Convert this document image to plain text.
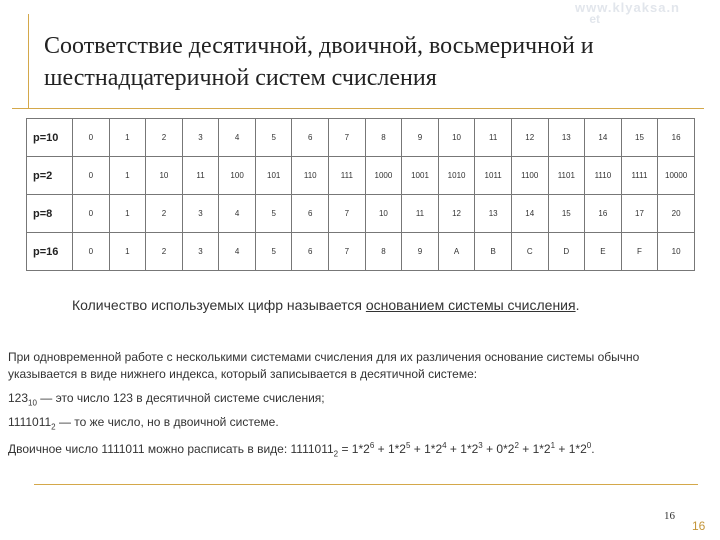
www.klyaksa.n
et
Соответствие десятичной, двоичной, восьмеричной и
шестнадцатеричной систем счисления
p=10	0	1	2	3	4	5	6	7	8	9	10	11	12	13	14	15	16
p=2	0	1	10	11	100	101	110	111	1000	1001	1010	1011	1100	1101	1110	1111	10000
p=8	0	1	2	3	4	5	6	7	10	11	12	13	14	15	16	17	20
p=16	0	1	2	3	4	5	6	7	8	9	A	B	C	D	E	F	10
Количество используемых цифр называется основанием системы счисления.
При одновременной работе с несколькими системами счисления для их различения основание системы обычно указывается в виде нижнего индекса, который записывается в десятичной системе:
$123_{10}$ — это число 123 в десятичной системе счисления;
$1111011_2$ — то же число, но в двоичной системе.
Двоичное число 1111011 можно расписать в виде: $1111011_2 = 1*2^6 + 1*2^5 + 1*2^4 + 1*2^3 + 0*2^2 + 1*2^1 + 1*2^0$.
16
16
